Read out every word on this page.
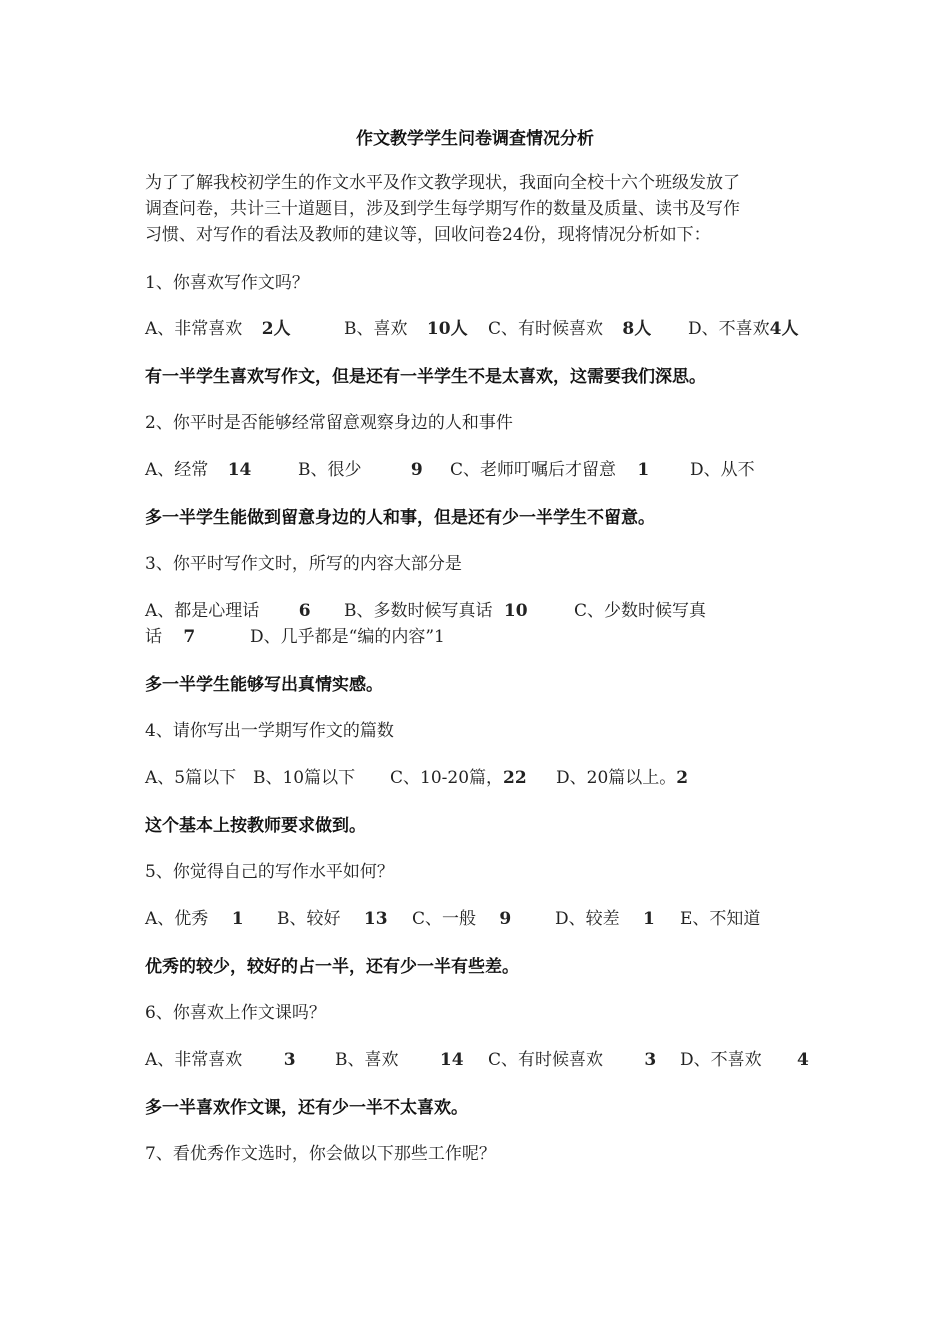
作文教学学生问卷调查情况分析
为了了解我校初学生的作文水平及作文教学现状，我面向全校十六个班级发放了
调查问卷，共计三十道题目，涉及到学生每学期写作的数量及质量、读书及写作
习惯、对写作的看法及教师的建议等，回收问卷24份，现将情况分析如下：
1、你喜欢写作文吗？
A、非常喜欢 2人	B、喜欢 10人 C、有时候喜欢 8人 D、不喜欢4人
有一半学生喜欢写作文，但是还有一半学生不是太喜欢，这需要我们深思。
2、你平时是否能够经常留意观察身边的人和事件
A、经常 14	B、很少	9 C、老师叮嘱后才留意 1 D、从不
多一半学生能做到留意身边的人和事，但是还有少一半学生不留意。
3、你平时写作文时，所写的内容大部分是
A、都是心理话 6 B、多数时候写真话 10	C、少数时候写真
话 7	D、几乎都是“编的内容”1
多一半学生能够写出真情实感。
4、请你写出一学期写作文的篇数
A、5篇以下 B、10篇以下 C、10-20篇，22 D、20篇以上。2
这个基本上按教师要求做到。
5、你觉得自己的写作水平如何？
A、优秀 1 B、较好 13 C、一般 9	D、较差 1 E、不知道
优秀的较少，较好的占一半，还有少一半有些差。
6、你喜欢上作文课吗？
A、非常喜欢 3 B、喜欢 14 C、有时候喜欢 3 D、不喜欢 4
多一半喜欢作文课，还有少一半不太喜欢。
7、看优秀作文选时，你会做以下那些工作呢？
